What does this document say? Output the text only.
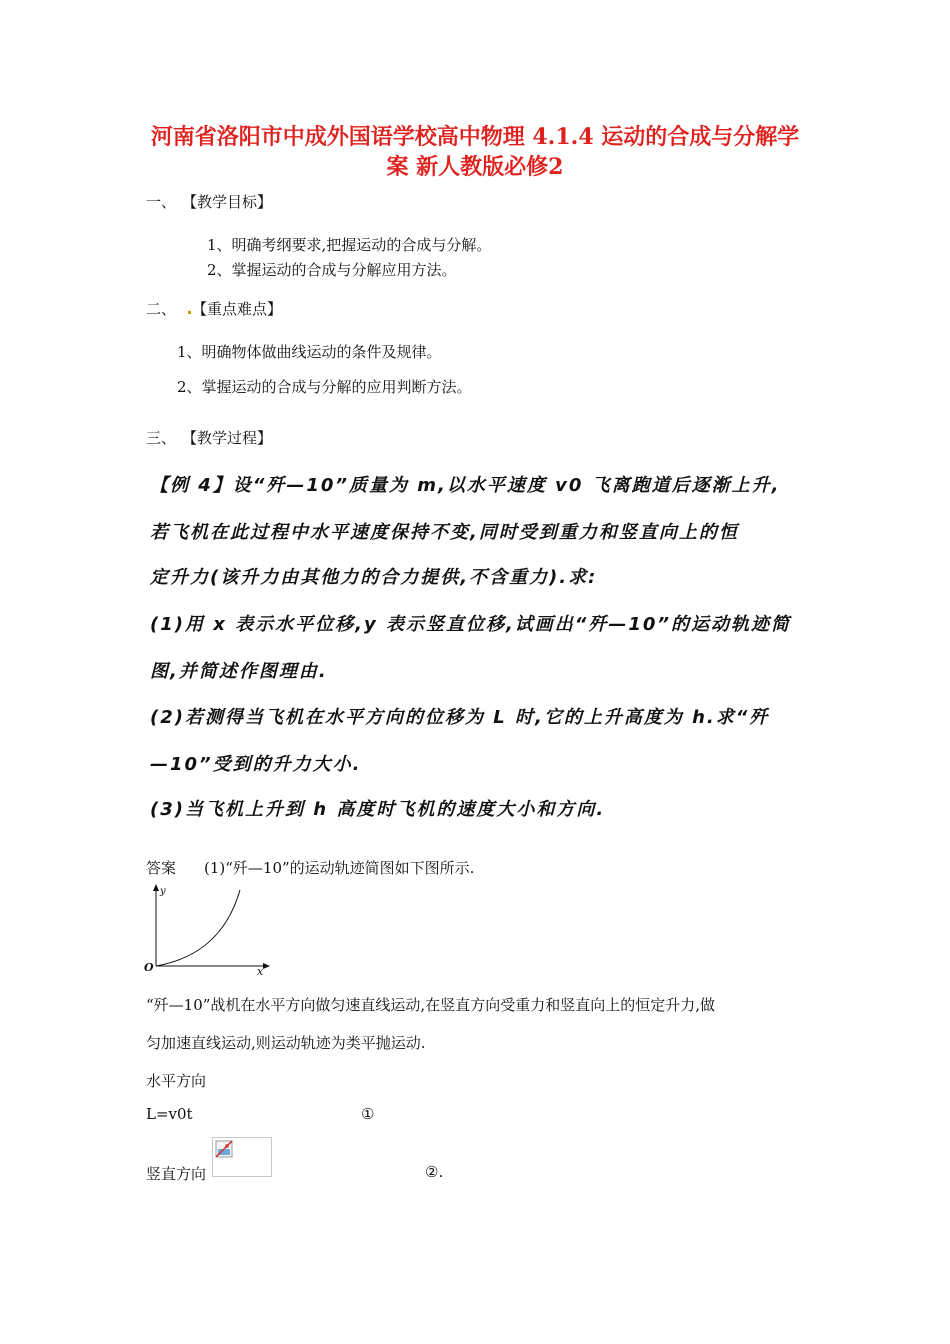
河南省洛阳市中成外国语学校高中物理 4.1.4 运动的合成与分解学
案 新人教版必修2
一、 【教学目标】
1、明确考纲要求,把握运动的合成与分解。
2、掌握运动的合成与分解应用方法。
二、 【重点难点】
1、明确物体做曲线运动的条件及规律。
2、掌握运动的合成与分解的应用判断方法。
三、 【教学过程】
【例 4】设“歼—10”质量为 m,以水平速度 v0 飞离跑道后逐渐上升,
若飞机在此过程中水平速度保持不变,同时受到重力和竖直向上的恒
定升力(该升力由其他力的合力提供,不含重力).求:
(1)用 x 表示水平位移,y 表示竖直位移,试画出“歼—10”的运动轨迹简
图,并简述作图理由.
(2)若测得当飞机在水平方向的位移为 L 时,它的上升高度为 h.求“歼
—10”受到的升力大小.
(3)当飞机上升到 h 高度时飞机的速度大小和方向.
答案 (1)“歼—10”的运动轨迹简图如下图所示.
y
x
O
“歼—10”战机在水平方向做匀速直线运动,在竖直方向受重力和竖直向上的恒定升力,做
匀加速直线运动,则运动轨迹为类平抛运动.
水平方向
L=v0t	①
竖直方向	②.
